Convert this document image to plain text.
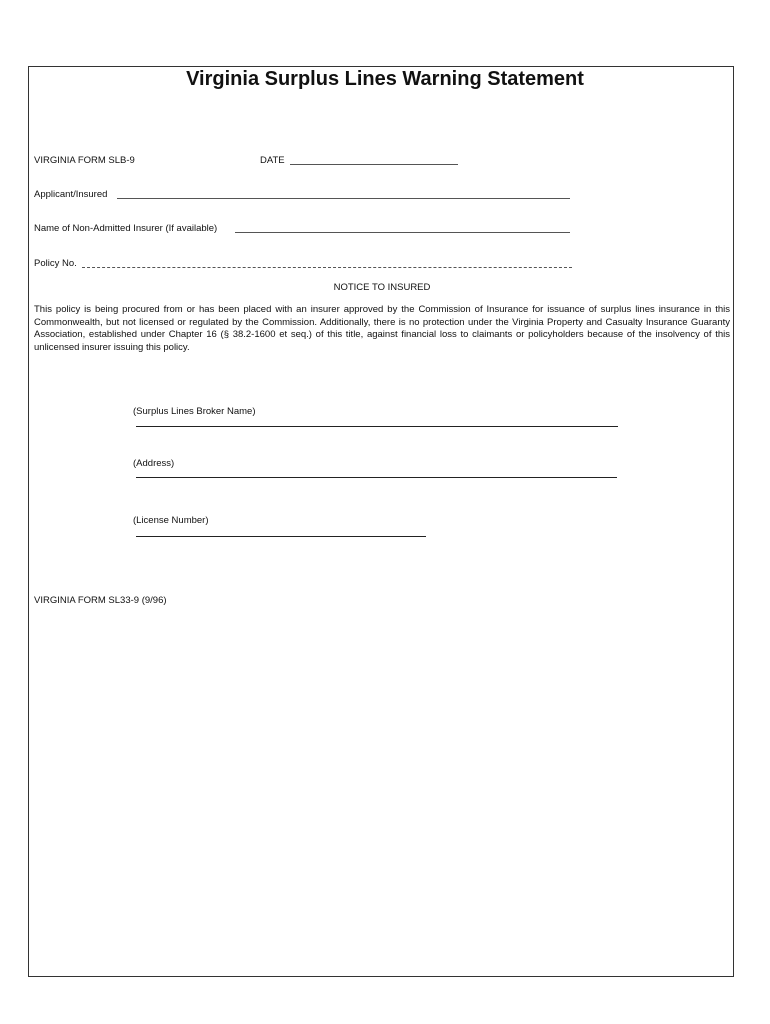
Virginia Surplus Lines Warning Statement
VIRGINIA FORM SLB-9	DATE
Applicant/Insured
Name of Non-Admitted Insurer (If available)
Policy No.
NOTICE TO INSURED
This policy is being procured from or has been placed with an insurer approved by the Commission of Insurance for issuance of surplus lines insurance in this Commonwealth, but not licensed or regulated by the Commission. Additionally, there is no protection under the Virginia Property and Casualty Insurance Guaranty Association, established under Chapter 16 (§ 38.2-1600 et seq.) of this title, against financial loss to claimants or policyholders because of the insolvency of this unlicensed insurer issuing this policy.
(Surplus Lines Broker Name)
(Address)
(License Number)
VIRGINIA FORM SL33-9 (9/96)
